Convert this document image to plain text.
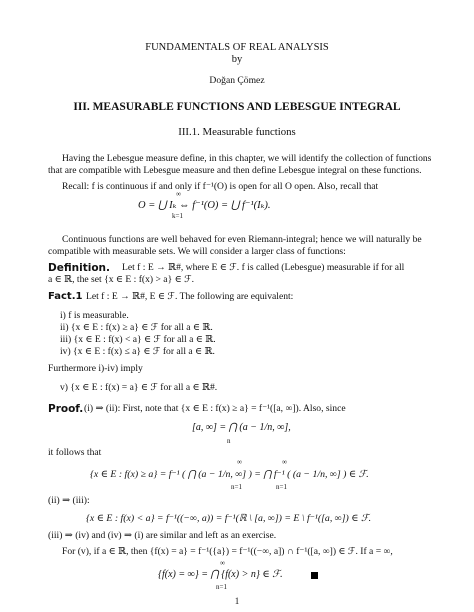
FUNDAMENTALS OF REAL ANALYSIS
by
Doğan Çömez
III. MEASURABLE FUNCTIONS AND LEBESGUE INTEGRAL
III.1. Measurable functions
Having the Lebesgue measure define, in this chapter, we will identify the collection of functions
that are compatible with Lebesgue measure and then define Lebesgue integral on these functions.
Recall: f is continuous if and only if f⁻¹(O) is open for all O open. Also, recall that
O = ⋃ Iₖ ⇔ f⁻¹(O) = ⋃ f⁻¹(Iₖ).
∞
k=1
Continuous functions are well behaved for even Riemann-integral; hence we will naturally be
compatible with measurable sets. We will consider a larger class of functions:
Definition. Let f : E → ℝ#, where E ∈ ℱ. f is called (Lebesgue) measurable if for all
a ∈ ℝ, the set {x ∈ E : f(x) > a} ∈ ℱ.
Fact.1 Let f : E → ℝ#, E ∈ ℱ. The following are equivalent:
i) f is measurable.
ii) {x ∈ E : f(x) ≥ a} ∈ ℱ for all a ∈ ℝ.
iii) {x ∈ E : f(x) < a} ∈ ℱ for all a ∈ ℝ.
iv) {x ∈ E : f(x) ≤ a} ∈ ℱ for all a ∈ ℝ.
Furthermore i)-iv) imply
v) {x ∈ E : f(x) = a} ∈ ℱ for all a ∈ ℝ#.
Proof. (i) ⇒ (ii): First, note that {x ∈ E : f(x) ≥ a} = f⁻¹([a, ∞]). Also, since
[a, ∞] = ⋂ (a − 1/n, ∞],
n
it follows that
{x ∈ E : f(x) ≥ a} = f⁻¹ ( ⋂ (a − 1/n, ∞] ) = ⋂ f⁻¹ ( (a − 1/n, ∞] ) ∈ ℱ.
∞
n=1
∞
n=1
(ii) ⇒ (iii):
{x ∈ E : f(x) < a} = f⁻¹((−∞, a)) = f⁻¹(ℝ \ [a, ∞]) = E \ f⁻¹([a, ∞]) ∈ ℱ.
(iii) ⇒ (iv) and (iv) ⇒ (i) are similar and left as an exercise.
For (v), if a ∈ ℝ, then {f(x) = a} = f⁻¹({a}) = f⁻¹((−∞, a]) ∩ f⁻¹([a, ∞]) ∈ ℱ. If a = ∞,
{f(x) = ∞} = ⋂ {f(x) > n} ∈ ℱ.
∞
n=1
1
